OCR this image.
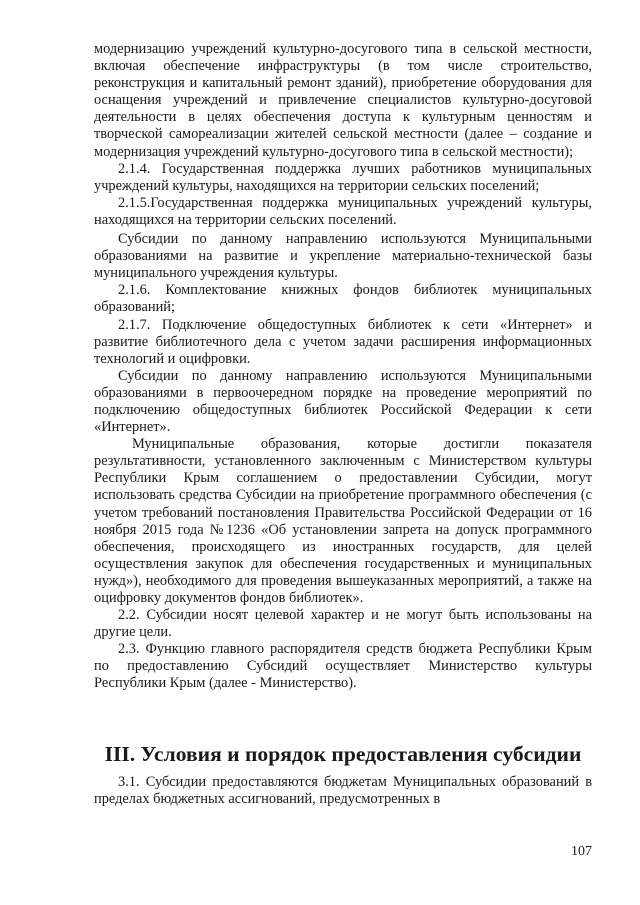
модернизацию учреждений культурно-досугового типа в сельской местности, включая обеспечение инфраструктуры (в том числе строительство, реконструкция и капитальный ремонт зданий), приобретение оборудования для оснащения учреждений и привлечение специалистов культурно-досуговой деятельности в целях обеспечения доступа к культурным ценностям и творческой самореализации жителей сельской местности (далее – создание и модернизация учреждений культурно-досугового типа в сельской местности);

2.1.4. Государственная поддержка лучших работников муниципальных учреждений культуры, находящихся на территории сельских поселений;

2.1.5.Государственная поддержка муниципальных учреждений культуры, находящихся на территории сельских поселений.

Субсидии по данному направлению используются Муниципальными образованиями на развитие и укрепление материально-технической базы муниципального учреждения культуры.

2.1.6. Комплектование книжных фондов библиотек муниципальных образований;

2.1.7. Подключение общедоступных библиотек к сети «Интернет» и развитие библиотечного дела с учетом задачи расширения информационных технологий и оцифровки.

Субсидии по данному направлению используются Муниципальными образованиями в первоочередном порядке на проведение мероприятий по подключению общедоступных библиотек Российской Федерации к сети «Интернет».

Муниципальные образования, которые достигли показателя результативности, установленного заключенным с Министерством культуры Республики Крым соглашением о предоставлении Субсидии, могут использовать средства Субсидии на приобретение программного обеспечения (с учетом требований постановления Правительства Российской Федерации от 16 ноября 2015 года №1236 «Об установлении запрета на допуск программного обеспечения, происходящего из иностранных государств, для целей осуществления закупок для обеспечения государственных и муниципальных нужд»), необходимого для проведения вышеуказанных мероприятий, а также на оцифровку документов фондов библиотек».

2.2. Субсидии носят целевой характер и не могут быть использованы на другие цели.

2.3. Функцию главного распорядителя средств бюджета Республики Крым по предоставлению Субсидий осуществляет Министерство культуры Республики Крым (далее - Министерство).

III. Условия и порядок предоставления субсидии

3.1. Субсидии предоставляются бюджетам Муниципальных образований в пределах бюджетных ассигнований, предусмотренных в

107
